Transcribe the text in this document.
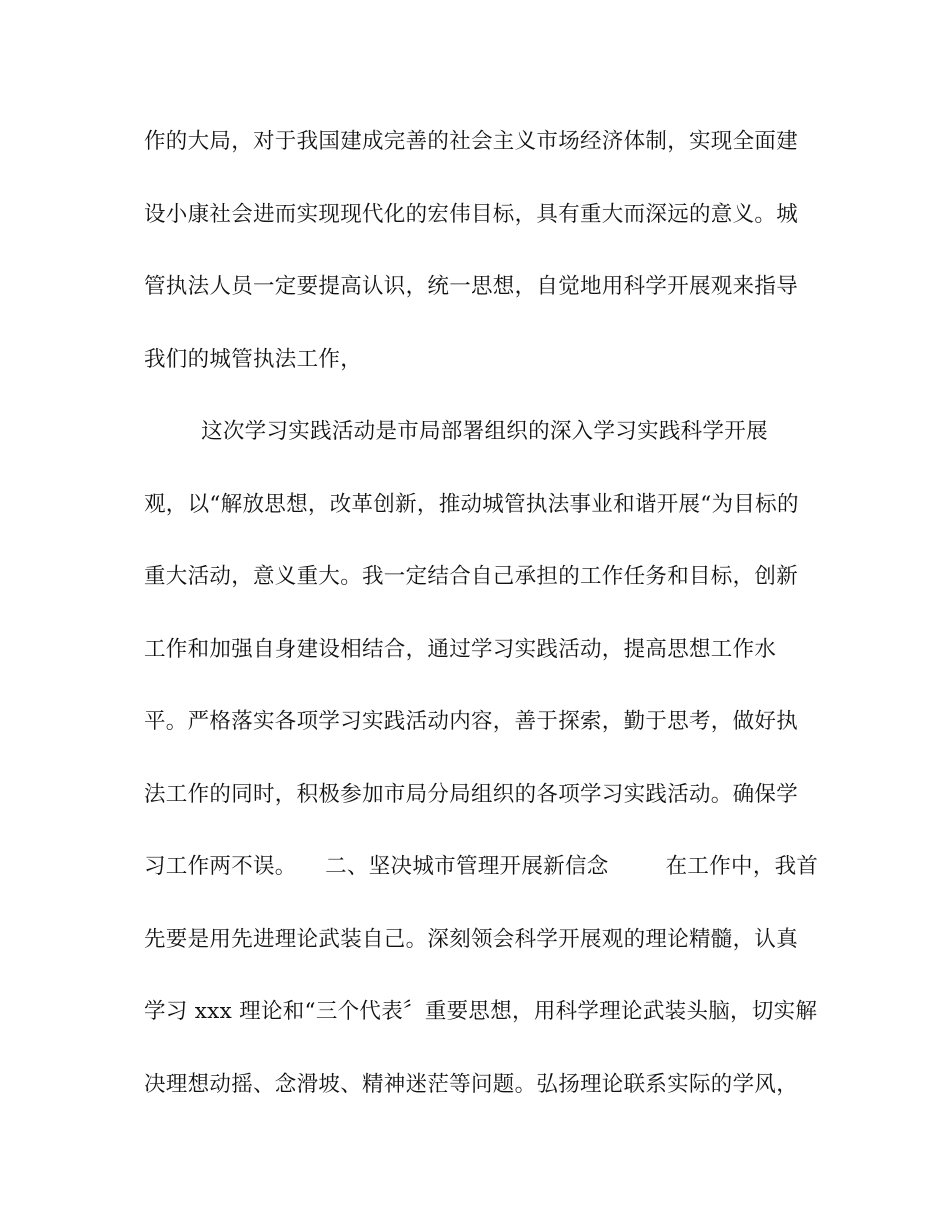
作的大局，对于我国建成完善的社会主义市场经济体制，实现全面建
设小康社会进而实现现代化的宏伟目标，具有重大而深远的意义。城
管执法人员一定要提高认识，统一思想，自觉地用科学开展观来指导
我们的城管执法工作，
这次学习实践活动是市局部署组织的深入学习实践科学开展
观，以“解放思想，改革创新，推动城管执法事业和谐开展“为目标的
重大活动，意义重大。我一定结合自己承担的工作任务和目标，创新
工作和加强自身建设相结合，通过学习实践活动，提高思想工作水
平。严格落实各项学习实践活动内容，善于探索，勤于思考，做好执
法工作的同时，积极参加市局分局组织的各项学习实践活动。确保学
习工作两不误。    二、坚决城市管理开展新信念        在工作中，我首
先要是用先进理论武装自己。深刻领会科学开展观的理论精髓，认真
学习 xxx 理论和“三个代表〞重要思想，用科学理论武装头脑，切实解
决理想动摇、念滑坡、精神迷茫等问题。弘扬理论联系实际的学风，
